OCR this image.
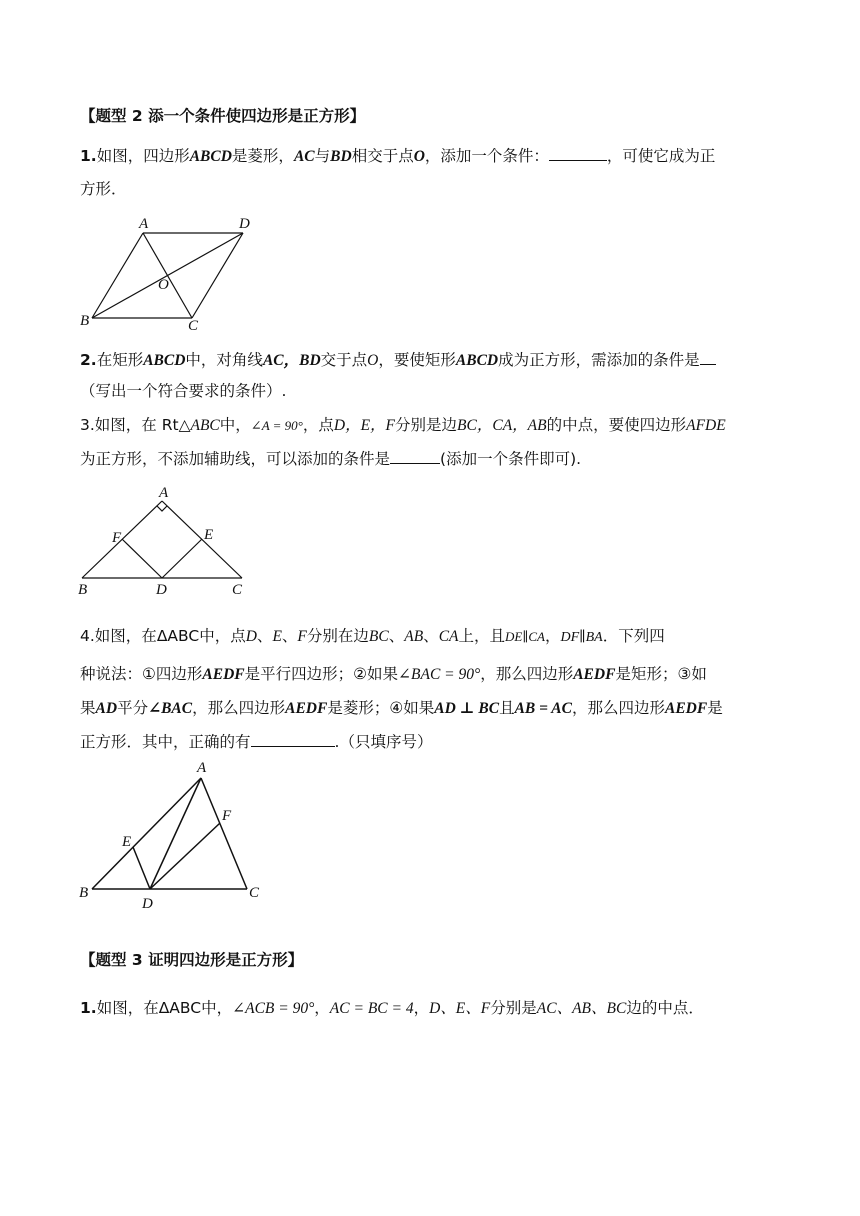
【题型 2 添一个条件使四边形是正方形】
1.如图，四边形ABCD是菱形，AC与BD相交于点O，添加一个条件：	，可使它成为正
方形．
A	D
O
B	C
2.在矩形ABCD中，对角线AC，BD交于点O，要使矩形ABCD成为正方形，需添加的条件是
（写出一个符合要求的条件）.
3.如图，在 Rt△ABC中，∠A = 90°，点D，E，F分别是边BC，CA，AB的中点，要使四边形AFDE
为正方形，不添加辅助线，可以添加的条件是	(添加一个条件即可).
A
F	E
B	D	C
4.如图，在ΔABC中，点D、E、F分别在边BC、AB、CA上，且DE∥CA，DF∥BA．下列四
种说法：①四边形AEDF是平行四边形；②如果∠BAC = 90°，那么四边形AEDF是矩形；③如
果AD平分∠BAC，那么四边形AEDF是菱形；④如果AD ⊥ BC且AB = AC，那么四边形AEDF是
正方形．其中，正确的有	.（只填序号）
A
F
E
B
D
C
【题型 3 证明四边形是正方形】
1.如图，在ΔABC中，∠ACB = 90°，AC = BC = 4，D、E、F分别是AC、AB、BC边的中点．
